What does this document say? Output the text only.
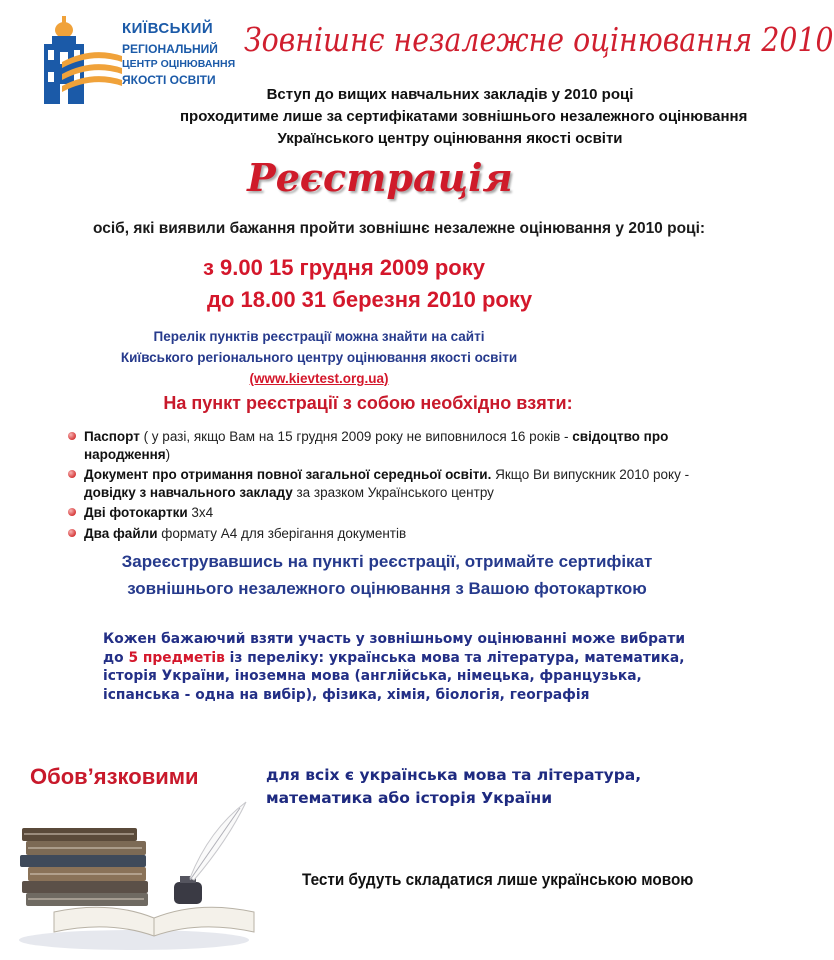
КИЇВСЬКИЙ
РЕГІОНАЛЬНИЙ
ЦЕНТР ОЦІНЮВАННЯ
ЯКОСТІ ОСВІТИ
Зовнішнє незалежне оцінювання 2010
Вступ до вищих навчальних закладів у 2010 році
проходитиме лише за сертифікатами зовнішнього незалежного оцінювання
Українського центру оцінювання якості освіти
Реєстрація
осіб, які виявили бажання пройти зовнішнє незалежне оцінювання у 2010 році:
з 9.00 15 грудня 2009 року
до 18.00 31 березня 2010 року
Перелік пунктів реєстрації можна знайти на сайті
Київського регіонального центру оцінювання якості освіти
(www.kievtest.org.ua)
На пункт реєстрації з собою необхідно взяти:
Паспорт ( у разі, якщо Вам на 15 грудня 2009 року не виповнилося 16 років - свідоцтво про народження)
Документ про отримання повної загальної середньої освіти. Якщо Ви випускник 2010 року -
довідку з навчального закладу за зразком Українського центру
Дві фотокартки 3х4
Два файли формату А4 для зберігання документів
Зареєструвавшись на пункті реєстрації, отримайте сертифікат
зовнішнього незалежного оцінювання з Вашою фотокарткою
Кожен бажаючий взяти участь у зовнішньому оцінюванні може вибрати до 5 предметів із переліку: українська мова та література, математика, історія України, іноземна мова (англійська, німецька, французька, іспанська - одна на вибір), фізика, хімія, біологія, географія
Обов’язковими	для всіх є українська мова та література,
математика або історія України
Тести будуть складатися лише українською мовою
